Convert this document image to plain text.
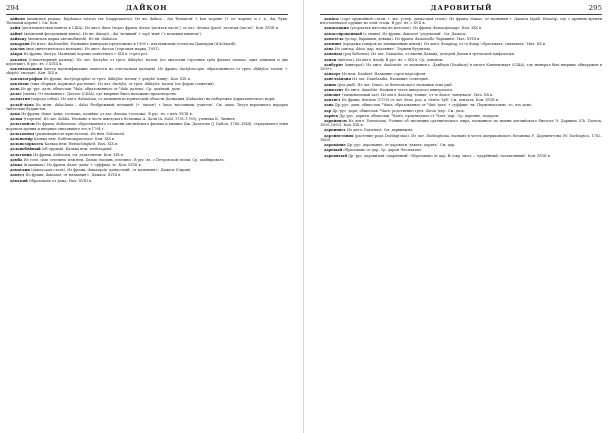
294	ДАЙКОН

да́йкон (японская редька, Raphanus sativus var. longipinnatus). Из яп. daikon – dai 'большой' + kon 'корень' (+ ne 'корень' и т. д., dai, букв. 'большой корень'). См. Кон.

дайм (десятицентовая монета в США). Из англ. dime (через франц. disme 'десятая часть'), от лат. decima (pars) 'десятая (часть)'. Кон. XVIII в.

да́ймё (японский феодальный князь). Из яп. daimyō – dai 'великий' + myō 'имя' ('с великим именем').

дайхацу (японская марка автомобилей). Из яп. daihatsu.

дакарди́н Из итал. dachiardite. Название минерала предложено в 1906 г. итальянским геологом Дакьярди (d'Achiardi).

дакло́н (вид синтетического волокна). Из англ. dacron (торговая марка, 1951).

да́кря Из франц. dacrya. Название хорошо известного с XIX в. сорта роз.

дакти́ль (стихотворный размер). Из лат. dactylus от греч. dáktylos 'палец' (по аналогии строения трёх фаланг пальца: одна длинная и две короткие). В рус. яз. с XVIII в.

дактилоско́пия (метод идентификации личности по отпечаткам пальцев). Из франц. dactyloscopie, образованного от греч. dáktylos 'палец' + skopéō 'смотрю'. Кон. XIX в.

дактилогра́фия Из франц. dactylographie от греч. dáktylos 'палец' + gráphō 'пишу'. Кон. XIX в.

дакти́лис (ежа сборная, кормовое растение). Из лат. dactylis, от греч. dáktylos 'палец' (по форме соцветия).

даль Из др.-рус. даль, общеслав. *dalь, образованного от *dalь 'далеко'. Ср. далёкий, даль.

далас (ткань). От названия г. Даллас (США), где впервые было налажено производство.

далматин (порода собак). Из англ. dalmatian, от названия исторической области Далмация (Dalmatia) на побережье Адриатического моря.

далай-ла́ма Из монг. dalai-lama – dalai 'безбрежный, великий' (+ 'океан') + lama 'наставник, учитель'. См. лама. Титул верховного иерарха тибетских буддистов.

дама Из франц. dame 'дама, госпожа, хозяйка' от лат. domina 'госпожа'. В рус. яз. с нач. XVIII в.

да́лия (георгин). Из лат. dahlia. Названо в честь шведского ботаника А. Даля (A. Dahl, 1751–1789), ученика К. Линнея.

дальтони́зм Из франц. daltonisme, образованного от имени английского физика и химика Дж. Дальтона (J. Dalton, 1766–1844), страдавшего этим пороком зрения и впервые описавшего его в 1794 г.

дальтоно́ид (разновидность кристаллов). Из нем. Daltonoid.

дальноми́р Калька нем. Entfernungsmesser. Кон. XIX в.

дальнозо́ркость Калька нем. Weitsichtigkeit. Нач. XIX в.

дальнобо́йный (об орудии). Калька нем. weittragend.

дальто́ник Из франц. daltonien, см. дальтонизм. Кон. XIX в.

да́мба Из голл. dam 'плотина' или нем. Damm 'насыпь, плотина'. В рус. яз. с Петровской эпохи. Ср. дамбировать.

да́мка (в шашках). Из франц. dame 'дама' + суффикс -к-. Кон. XVIII в.

дамаскин (дамасская сталь). Из франц. damasquin 'дамасский', от названия г. Дамаск (Сирия).

даме́ст Из франц. damassé, от названия г. Дамаск. XVIII в.

да́мский Образовано от дама. Нач. XVIII в.

ДАРОВИТЫЙ	295

дама́ск (сорт оружейной стали, т. же, устар. дамасская сталь). Из франц. damas, от названия г. Дамаск (араб. Dimašq), где с древних времён изготовлялось оружие из этой стали. В рус. яз. с XVII в.

дамаска́ция (узорчатая насечка на металле). Из франц. damasquinage. Нач. XIX в.

дамасси́рованный (о ткани). Из франц. damassé 'узорчатый'. См. Дамаск.

дамозе́ль (устар. барышня, девица). Из франц. damoiselle 'барышня'. Нач. XVIII в.

дампинг (продажа товаров по заниженным ценам). Из англ. dumping, от to dump 'сбрасывать, сваливать'. Нач. XX в.

да́на Из санскр. dāna 'дар, подаяние'. Термин буддизма.

данаи́ды (род бабочек). Из лат. Danaidae, от имени Данаид, дочерей Даная в греческой мифологии.

данди (щёголь). Из англ. dandy. В рус. яз. с XIX в. Ср. дендизм.

данбури́т (минерал). Из англ. danburite, от названия г. Данбери (Danbury) в штате Коннектикут (США), где минерал был впервые обнаружен в 1839 г.

да́нкерт Из нем. Dankert. Название сорта картофеля.

данелла́ндия Из лат. Danelandia. Название созвездия.

данио (род рыб). Из лат. Danio, от бенгальского названия этих рыб.

даниэли́т Из англ. danielite. Назван в честь шведского минералога.

да́нсинг (танцевальный зал). Из англ. dancing 'танцы', от to dance 'танцевать'. Нач. XX в.

дантист Из франц. dentiste (1755) от лат. dens, род. п. dentis 'зуб'. См. денталь. Кон. XVIII в.

дань Др.-рус. дань, общеслав. *danь, образованное от *dati 'дать' + суффикс -нь. Первоначально 'то, что дано'.

дар Др.-рус. даръ, общеслав. *darъ, родственно греч. dōron 'дар'. См. дать.

дари́ть Др.-рус. дарити, общеслав. *dariti, производное от *darъ 'дар'. Ср. дарение, подарок.

дарви́низм Из англ. Darwinism. Учение об эволюции органического мира, названное по имени английского биолога Ч. Дарвина (Ch. Darwin, 1809–1882). Кон. XIX в.

дарвини́ст Из англ. Darwinist. См. дарвинизм.

дарли́нгтония (растение рода Darlingtonia). Из лат. Darlingtonia, названо в честь американского ботаника У. Дарлингтона (W. Darlington, 1782–1863).

дарова́ние Др.-рус. дарование, от даровати 'давать, дарить'. См. дар.

даро́вый Образовано от дар. Ср. даром 'бесплатно'.

дарови́тый Др.-рус. даровитый 'одарённый'. Образовано от дар. В совр. знач. – 'одарённый, талантливый'. Кон. XVIII в.
